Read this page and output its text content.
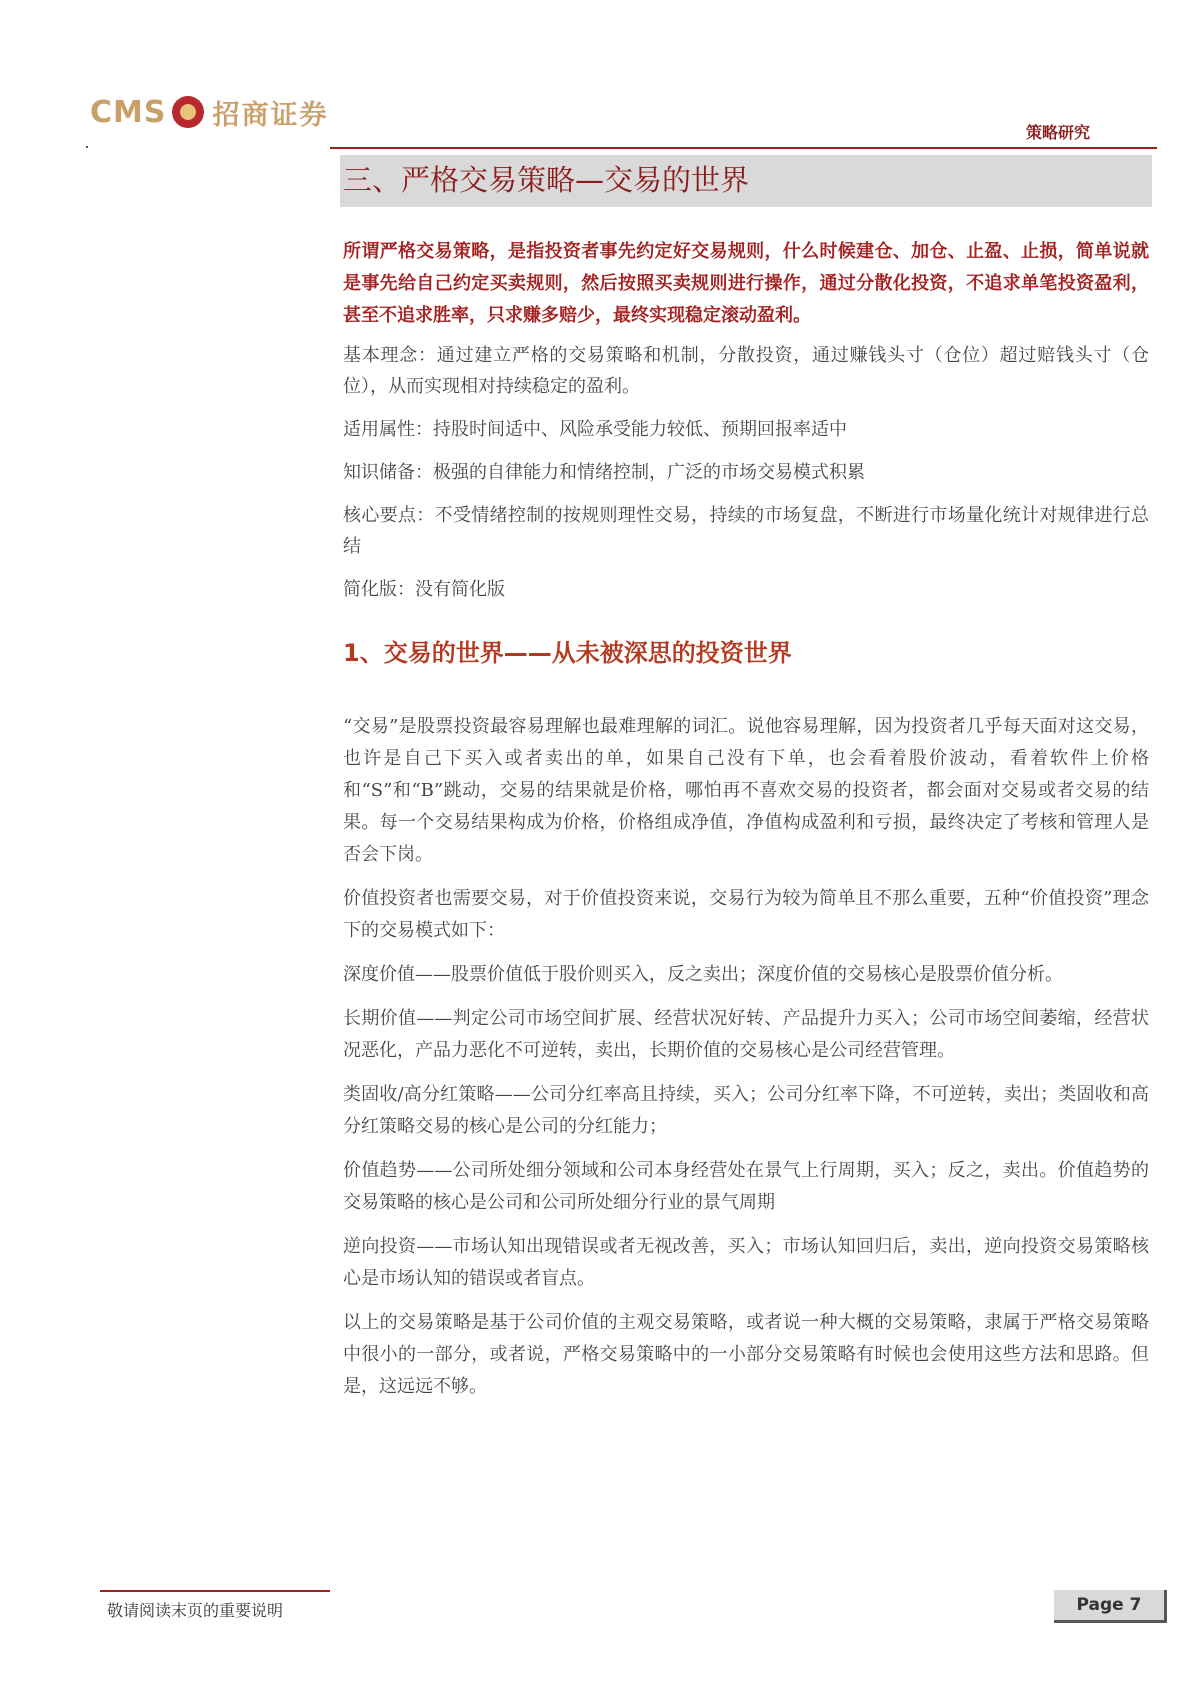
CMS 招商证券
策略研究
三、严格交易策略—交易的世界

所谓严格交易策略，是指投资者事先约定好交易规则，什么时候建仓、加仓、止盈、止损，简单说就是事先给自己约定买卖规则，然后按照买卖规则进行操作，通过分散化投资，不追求单笔投资盈利，甚至不追求胜率，只求赚多赔少，最终实现稳定滚动盈利。

基本理念：通过建立严格的交易策略和机制，分散投资，通过赚钱头寸（仓位）超过赔钱头寸（仓位），从而实现相对持续稳定的盈利。

适用属性：持股时间适中、风险承受能力较低、预期回报率适中

知识储备：极强的自律能力和情绪控制，广泛的市场交易模式积累

核心要点：不受情绪控制的按规则理性交易，持续的市场复盘，不断进行市场量化统计对规律进行总结

简化版：没有简化版

1、交易的世界——从未被深思的投资世界

“交易”是股票投资最容易理解也最难理解的词汇。说他容易理解，因为投资者几乎每天面对这交易，也许是自己下买入或者卖出的单，如果自己没有下单，也会看着股价波动，看着软件上价格和“S”和“B”跳动，交易的结果就是价格，哪怕再不喜欢交易的投资者，都会面对交易或者交易的结果。每一个交易结果构成为价格，价格组成净值，净值构成盈利和亏损，最终决定了考核和管理人是否会下岗。

价值投资者也需要交易，对于价值投资来说，交易行为较为简单且不那么重要，五种“价值投资”理念下的交易模式如下：

深度价值——股票价值低于股价则买入，反之卖出；深度价值的交易核心是股票价值分析。

长期价值——判定公司市场空间扩展、经营状况好转、产品提升力买入；公司市场空间萎缩，经营状况恶化，产品力恶化不可逆转，卖出，长期价值的交易核心是公司经营管理。

类固收/高分红策略——公司分红率高且持续，买入；公司分红率下降，不可逆转，卖出；类固收和高分红策略交易的核心是公司的分红能力；

价值趋势——公司所处细分领域和公司本身经营处在景气上行周期，买入；反之，卖出。价值趋势的交易策略的核心是公司和公司所处细分行业的景气周期

逆向投资——市场认知出现错误或者无视改善，买入；市场认知回归后，卖出，逆向投资交易策略核心是市场认知的错误或者盲点。

以上的交易策略是基于公司价值的主观交易策略，或者说一种大概的交易策略，隶属于严格交易策略中很小的一部分，或者说，严格交易策略中的一小部分交易策略有时候也会使用这些方法和思路。但是，这远远不够。

敬请阅读末页的重要说明	Page 7
